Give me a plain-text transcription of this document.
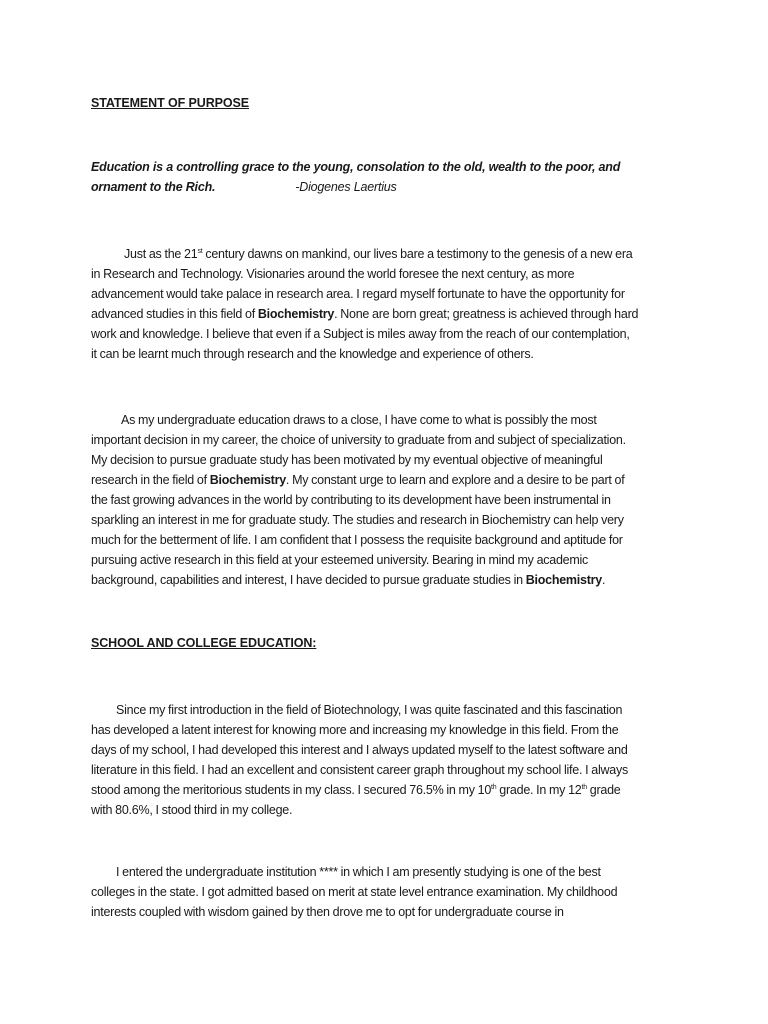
STATEMENT OF PURPOSE
Education is a controlling grace to the young, consolation to the old, wealth to the poor, and
ornament to the Rich.	-Diogenes Laertius
Just as the 21st century dawns on mankind, our lives bare a testimony to the genesis of a new era
in Research and Technology. Visionaries around the world foresee the next century, as more
advancement would take palace in research area. I regard myself fortunate to have the opportunity for
advanced studies in this field of Biochemistry. None are born great; greatness is achieved through hard
work and knowledge. I believe that even if a Subject is miles away from the reach of our contemplation,
it can be learnt much through research and the knowledge and experience of others.
As my undergraduate education draws to a close, I have come to what is possibly the most
important decision in my career, the choice of university to graduate from and subject of specialization.
My decision to pursue graduate study has been motivated by my eventual objective of meaningful
research in the field of Biochemistry. My constant urge to learn and explore and a desire to be part of
the fast growing advances in the world by contributing to its development have been instrumental in
sparkling an interest in me for graduate study. The studies and research in Biochemistry can help very
much for the betterment of life. I am confident that I possess the requisite background and aptitude for
pursuing active research in this field at your esteemed university. Bearing in mind my academic
background, capabilities and interest, I have decided to pursue graduate studies in Biochemistry.
SCHOOL AND COLLEGE EDUCATION:
Since my first introduction in the field of Biotechnology, I was quite fascinated and this fascination
has developed a latent interest for knowing more and increasing my knowledge in this field. From the
days of my school, I had developed this interest and I always updated myself to the latest software and
literature in this field. I had an excellent and consistent career graph throughout my school life. I always
stood among the meritorious students in my class. I secured 76.5% in my 10th grade. In my 12th grade
with 80.6%, I stood third in my college.
I entered the undergraduate institution **** in which I am presently studying is one of the best
colleges in the state. I got admitted based on merit at state level entrance examination. My childhood
interests coupled with wisdom gained by then drove me to opt for undergraduate course in
